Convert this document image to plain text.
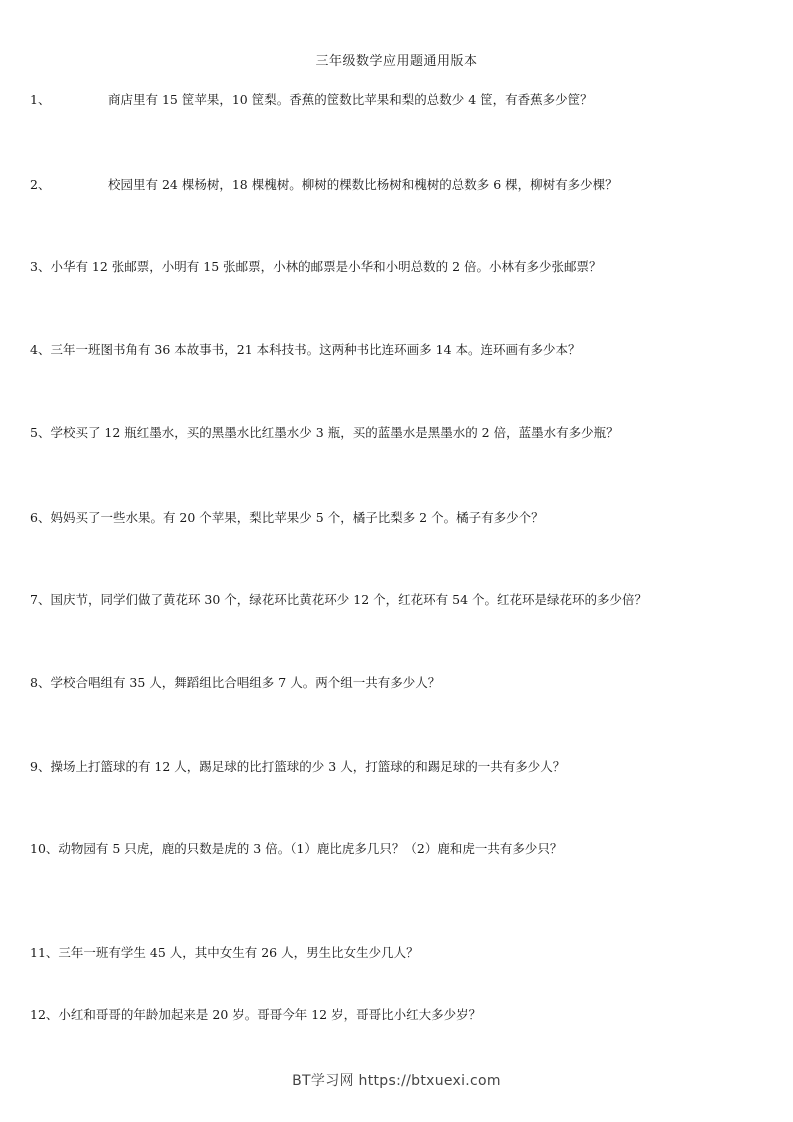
三年级数学应用题通用版本
1、	商店里有 15 筐苹果，10 筐梨。香蕉的筐数比苹果和梨的总数少 4 筐，有香蕉多少筐？
2、	校园里有 24 棵杨树，18 棵槐树。柳树的棵数比杨树和槐树的总数多 6 棵，柳树有多少棵？
3、小华有 12 张邮票，小明有 15 张邮票，小林的邮票是小华和小明总数的 2 倍。小林有多少张邮票？
4、三年一班图书角有 36 本故事书，21 本科技书。这两种书比连环画多 14 本。连环画有多少本？
5、学校买了 12 瓶红墨水，买的黑墨水比红墨水少 3 瓶，买的蓝墨水是黑墨水的 2 倍，蓝墨水有多少瓶？
6、妈妈买了一些水果。有 20 个苹果，梨比苹果少 5 个，橘子比梨多 2 个。橘子有多少个？
7、国庆节，同学们做了黄花环 30 个，绿花环比黄花环少 12 个，红花环有 54 个。红花环是绿花环的多少倍？
8、学校合唱组有 35 人，舞蹈组比合唱组多 7 人。两个组一共有多少人？
9、操场上打篮球的有 12 人，踢足球的比打篮球的少 3 人，打篮球的和踢足球的一共有多少人？
10、动物园有 5 只虎，鹿的只数是虎的 3 倍。（1）鹿比虎多几只？（2）鹿和虎一共有多少只？
11、三年一班有学生 45 人，其中女生有 26 人，男生比女生少几人？
12、小红和哥哥的年龄加起来是 20 岁。哥哥今年 12 岁，哥哥比小红大多少岁？
BT学习网 https://btxuexi.com
